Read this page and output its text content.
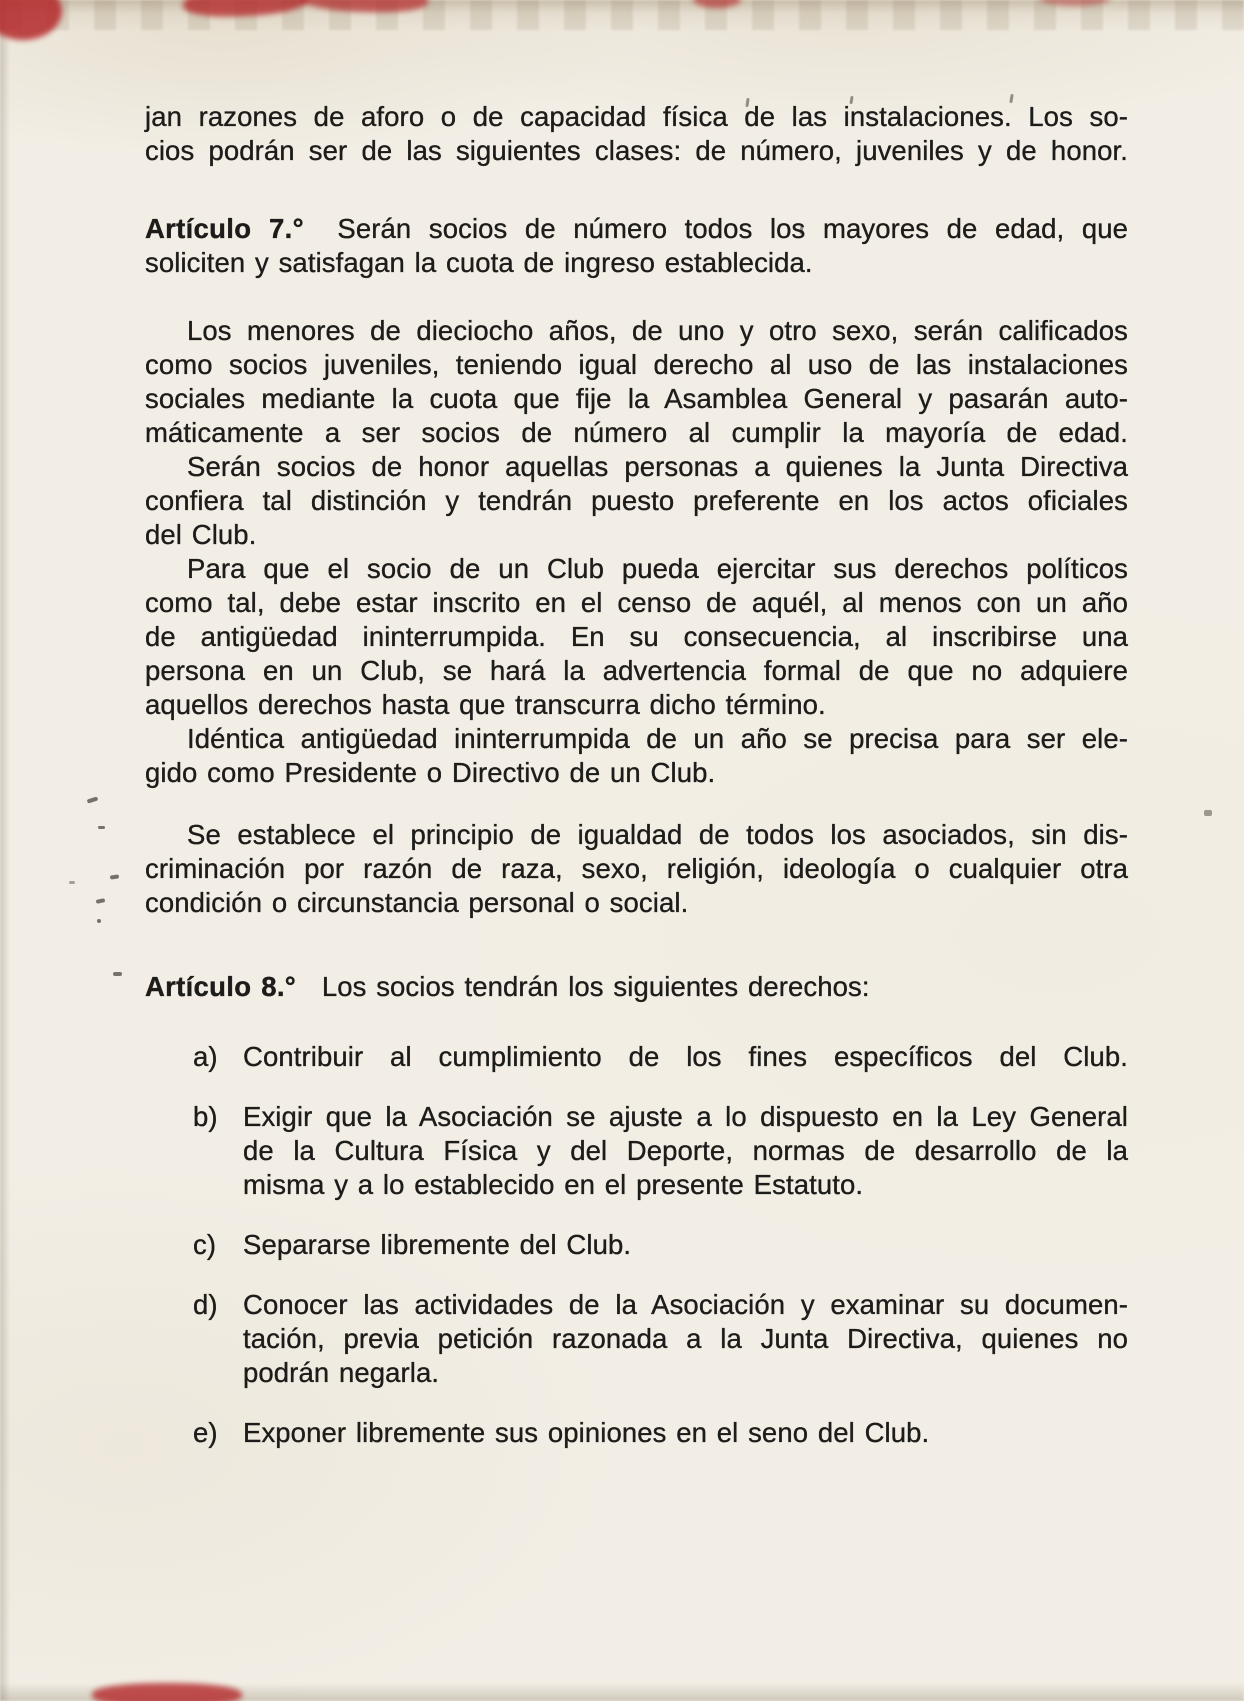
jan razones de aforo o de capacidad física de las instalaciones. Los so-
cios podrán ser de las siguientes clases: de número, juveniles y de honor.
Artículo 7.° Serán socios de número todos los mayores de edad, que
soliciten y satisfagan la cuota de ingreso establecida.
Los menores de dieciocho años, de uno y otro sexo, serán calificados
como socios juveniles, teniendo igual derecho al uso de las instalaciones
sociales mediante la cuota que fije la Asamblea General y pasarán auto-
máticamente a ser socios de número al cumplir la mayoría de edad.
Serán socios de honor aquellas personas a quienes la Junta Directiva
confiera tal distinción y tendrán puesto preferente en los actos oficiales
del Club.
Para que el socio de un Club pueda ejercitar sus derechos políticos
como tal, debe estar inscrito en el censo de aquél, al menos con un año
de antigüedad ininterrumpida. En su consecuencia, al inscribirse una
persona en un Club, se hará la advertencia formal de que no adquiere
aquellos derechos hasta que transcurra dicho término.
Idéntica antigüedad ininterrumpida de un año se precisa para ser ele-
gido como Presidente o Directivo de un Club.
Se establece el principio de igualdad de todos los asociados, sin dis-
criminación por razón de raza, sexo, religión, ideología o cualquier otra
condición o circunstancia personal o social.
Artículo 8.° Los socios tendrán los siguientes derechos:
a) Contribuir al cumplimiento de los fines específicos del Club.
b) Exigir que la Asociación se ajuste a lo dispuesto en la Ley General
de la Cultura Física y del Deporte, normas de desarrollo de la
misma y a lo establecido en el presente Estatuto.
c) Separarse libremente del Club.
d) Conocer las actividades de la Asociación y examinar su documen-
tación, previa petición razonada a la Junta Directiva, quienes no
podrán negarla.
e) Exponer libremente sus opiniones en el seno del Club.
